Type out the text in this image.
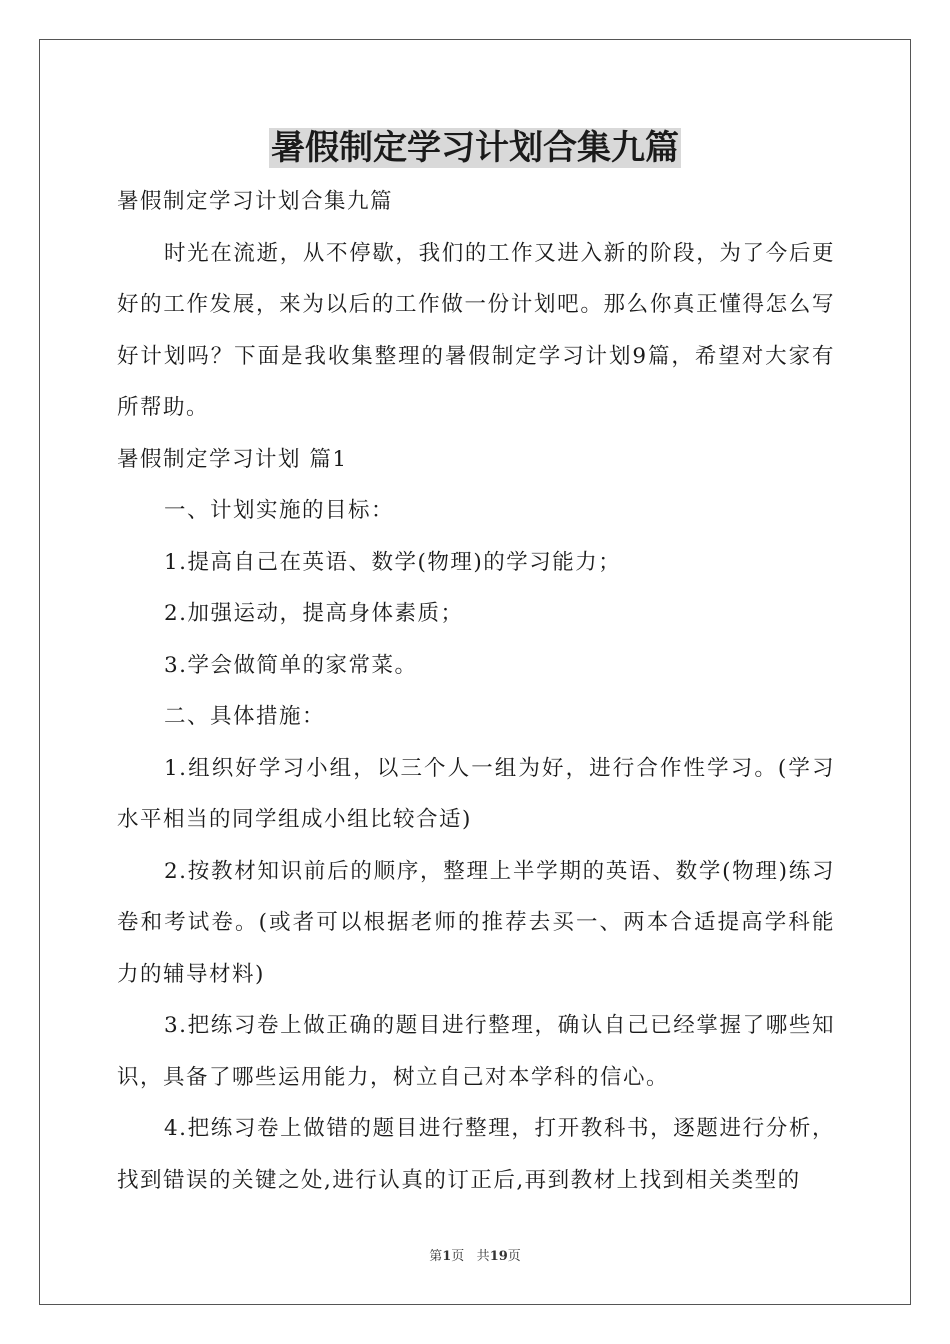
暑假制定学习计划合集九篇

暑假制定学习计划合集九篇

时光在流逝，从不停歇，我们的工作又进入新的阶段，为了今后更好的工作发展，来为以后的工作做一份计划吧。那么你真正懂得怎么写好计划吗？下面是我收集整理的暑假制定学习计划9篇，希望对大家有所帮助。

暑假制定学习计划 篇1

一、计划实施的目标：

1.提高自己在英语、数学(物理)的学习能力；

2.加强运动，提高身体素质；

3.学会做简单的家常菜。

二、具体措施：

1.组织好学习小组，以三个人一组为好，进行合作性学习。(学习水平相当的同学组成小组比较合适)

2.按教材知识前后的顺序，整理上半学期的英语、数学(物理)练习卷和考试卷。(或者可以根据老师的推荐去买一、两本合适提高学科能力的辅导材料)

3.把练习卷上做正确的题目进行整理，确认自己已经掌握了哪些知识，具备了哪些运用能力，树立自己对本学科的信心。

4.把练习卷上做错的题目进行整理，打开教科书，逐题进行分析，找到错误的关键之处,进行认真的订正后,再到教材上找到相关类型的

第1页 共19页
